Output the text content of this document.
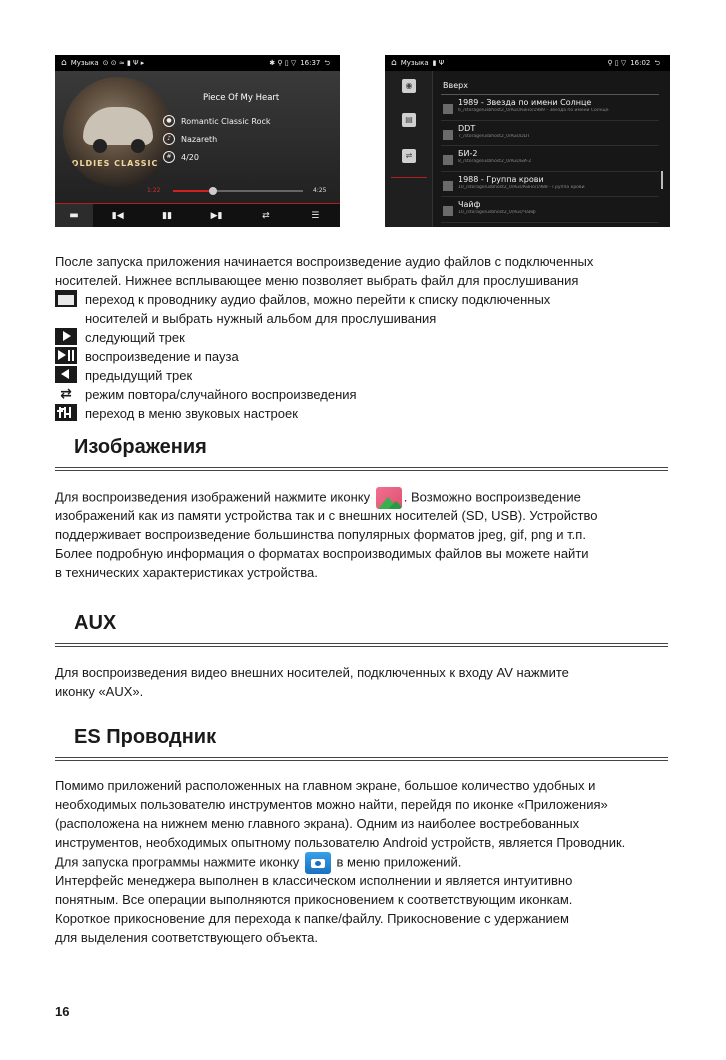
⌂ Музыка ⊙ ⊙ ≈ ▮ Ψ ▸	✱ ⚲ ▯ ▽ 16:37 ⮌
OLDIES CLASSIC
Piece Of My Heart
●	Romantic Classic Rock
♪	Nazareth
#	4/20
1:22	4:25
▬	▮◀	▮▮	▶▮	⇄	☰
⌂ Музыка ▮ Ψ	⚲ ▯ ▽ 16:02 ⮌
◉
▤
⇌
Вверх
1989 - Звезда по имени Солнце
6_/storage/usbhost2_0/Rus/Кино/1989 - Звезда по имени Солнце
DDT
7_/storage/usbhost2_0/Rus/DDT
БИ-2
8_/storage/usbhost2_0/Rus/БИ-2
1988 - Группа крови
10_/storage/usbhost2_0/Rus/Кино/1988 - Группа крови
Чайф
10_/storage/usbhost2_0/Rus/Чайф
После запуска приложения начинается воспроизведение аудио файлов с подключенных
носителей. Нижнее всплывающее меню позволяет выбрать файл для прослушивания
переход к проводнику аудио файлов, можно перейти к списку подключенных
носителей и выбрать нужный альбом для прослушивания
следующий трек
воспроизведение и пауза
предыдущий трек
⇄	режим повтора/случайного воспроизведения
переход в меню звуковых настроек
Изображения
Для воспроизведения изображений нажмите иконку	. Возможно воспроизведение
изображений как из памяти устройства так и с внешних носителей (SD, USB). Устройство
поддерживает воспроизведение большинства популярных форматов jpeg, gif, png и т.п.
Более подробную информация о форматах воспроизводимых файлов вы можете найти
в технических характеристиках устройства.
AUX
Для воспроизведения видео внешних носителей, подключенных к входу AV нажмите
иконку «AUX».
ES Проводник
Помимо приложений расположенных на главном экране, большое количество удобных и
необходимых пользователю инструментов можно найти, перейдя по иконке «Приложения»
(расположена на нижнем меню главного экрана). Одним из наиболее востребованных
инструментов, необходимых опытному пользователю Android устройств, является Проводник.
Для запуска программы нажмите иконку	в меню приложений.
Интерфейс менеджера выполнен в классическом исполнении и является интуитивно
понятным. Все операции выполняются прикосновением к соответствующим иконкам.
Короткое прикосновение для перехода к папке/файлу. Прикосновение с удержанием
для выделения соответствующего объекта.
16
